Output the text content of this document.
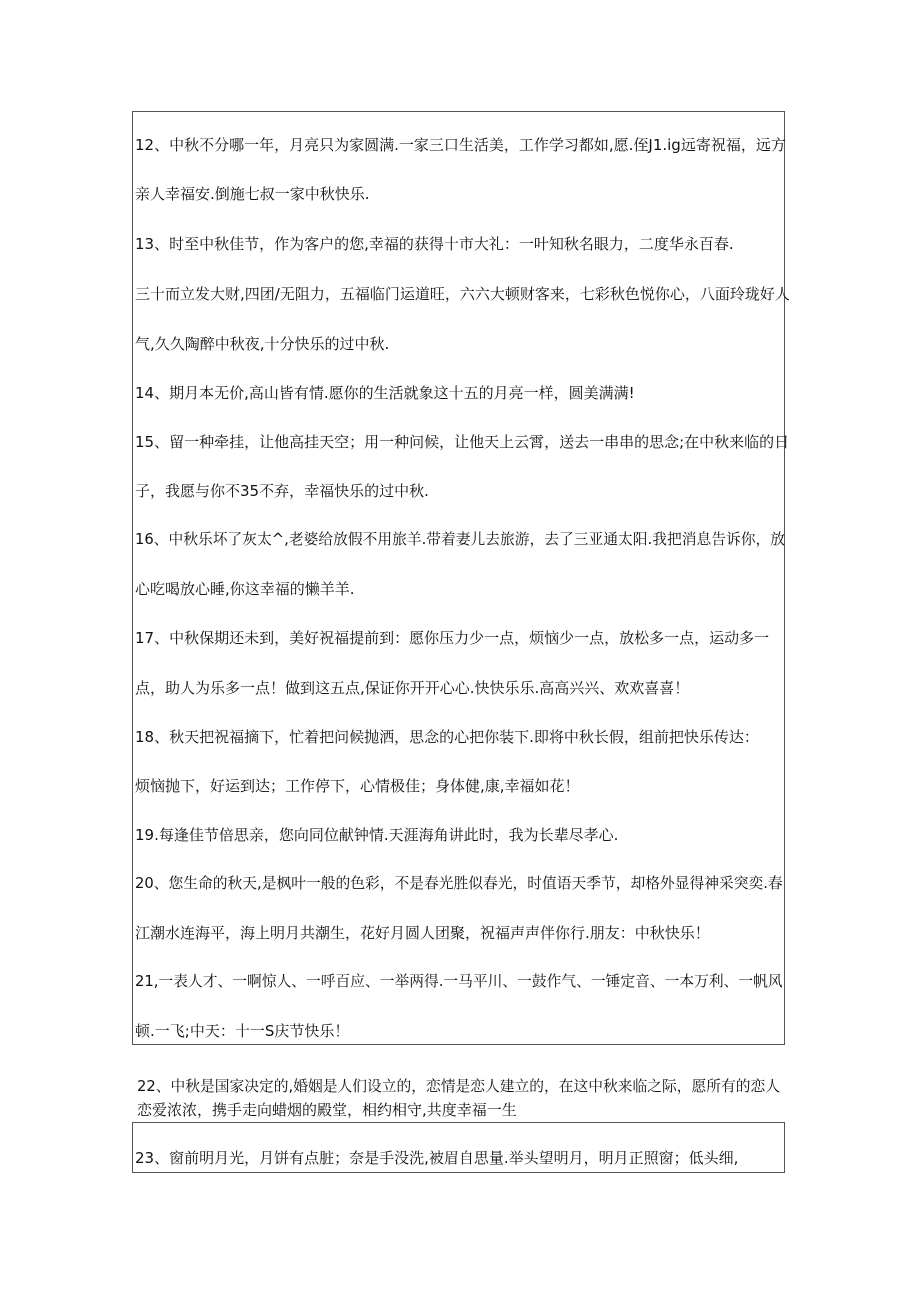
12、中秋不分哪一年，月亮只为家圆满.一家三口生活美，工作学习都如,愿.侄J1.ig远寄祝福，远方
亲人幸福安.倒施七叔一家中秋快乐.
13、时至中秋佳节，作为客户的您,幸福的获得十市大礼：一叶知秋名眼力，二度华永百春.
三十而立发大财,四团/无阻力，五福临门运道旺，六六大顿财客来，七彩秋色悦你心，八面玲珑好人
气,久久陶醉中秋夜,十分快乐的过中秋.
14、期月本无价,高山皆有情.愿你的生活就象这十五的月亮一样，圆美满满!
15、留一种牵挂，让他高挂天空；用一种问候，让他天上云霄，送去一串串的思念;在中秋来临的日
子，我愿与你不35不弃，幸福快乐的过中秋.
16、中秋乐坏了灰太^,老婆给放假不用旅羊.带着妻儿去旅游，去了三亚通太阳.我把消息告诉你，放
心吃喝放心睡,你这幸福的懒羊羊.
17、中秋保期还未到，美好祝福提前到：愿你压力少一点，烦恼少一点，放松多一点，运动多一
点，助人为乐多一点！做到这五点,保证你开开心心.快快乐乐.高高兴兴、欢欢喜喜！
18、秋天把祝福摘下，忙着把问候抛洒，思念的心把你装下.即将中秋长假，组前把快乐传达：
烦恼抛下，好运到达；工作停下，心情极佳；身体健,康,幸福如花！
19.每逢佳节倍思亲，您向同位献钟情.天涯海角讲此时，我为长辈尽孝心.
20、您生命的秋天,是枫叶一般的色彩，不是春光胜似春光，时值语天季节，却格外显得神采突奕.春
江潮水连海平，海上明月共潮生，花好月圆人团聚，祝福声声伴你行.朋友：中秋快乐！
21,一表人才、一啊惊人、一呼百应、一举两得.一马平川、一鼓作气、一锤定音、一本万利、一帆风
顿.一飞;中天：十一S庆节快乐！
22、中秋是国家决定的,婚姻是人们设立的，恋情是恋人建立的，在这中秋来临之际，愿所有的恋人
恋爱浓浓，携手走向蜡烟的殿堂，相约相守,共度幸福一生
23、窗前明月光，月饼有点脏；奈是手没洗,被眉自思量.举头望明月，明月正照窗；低头细,
